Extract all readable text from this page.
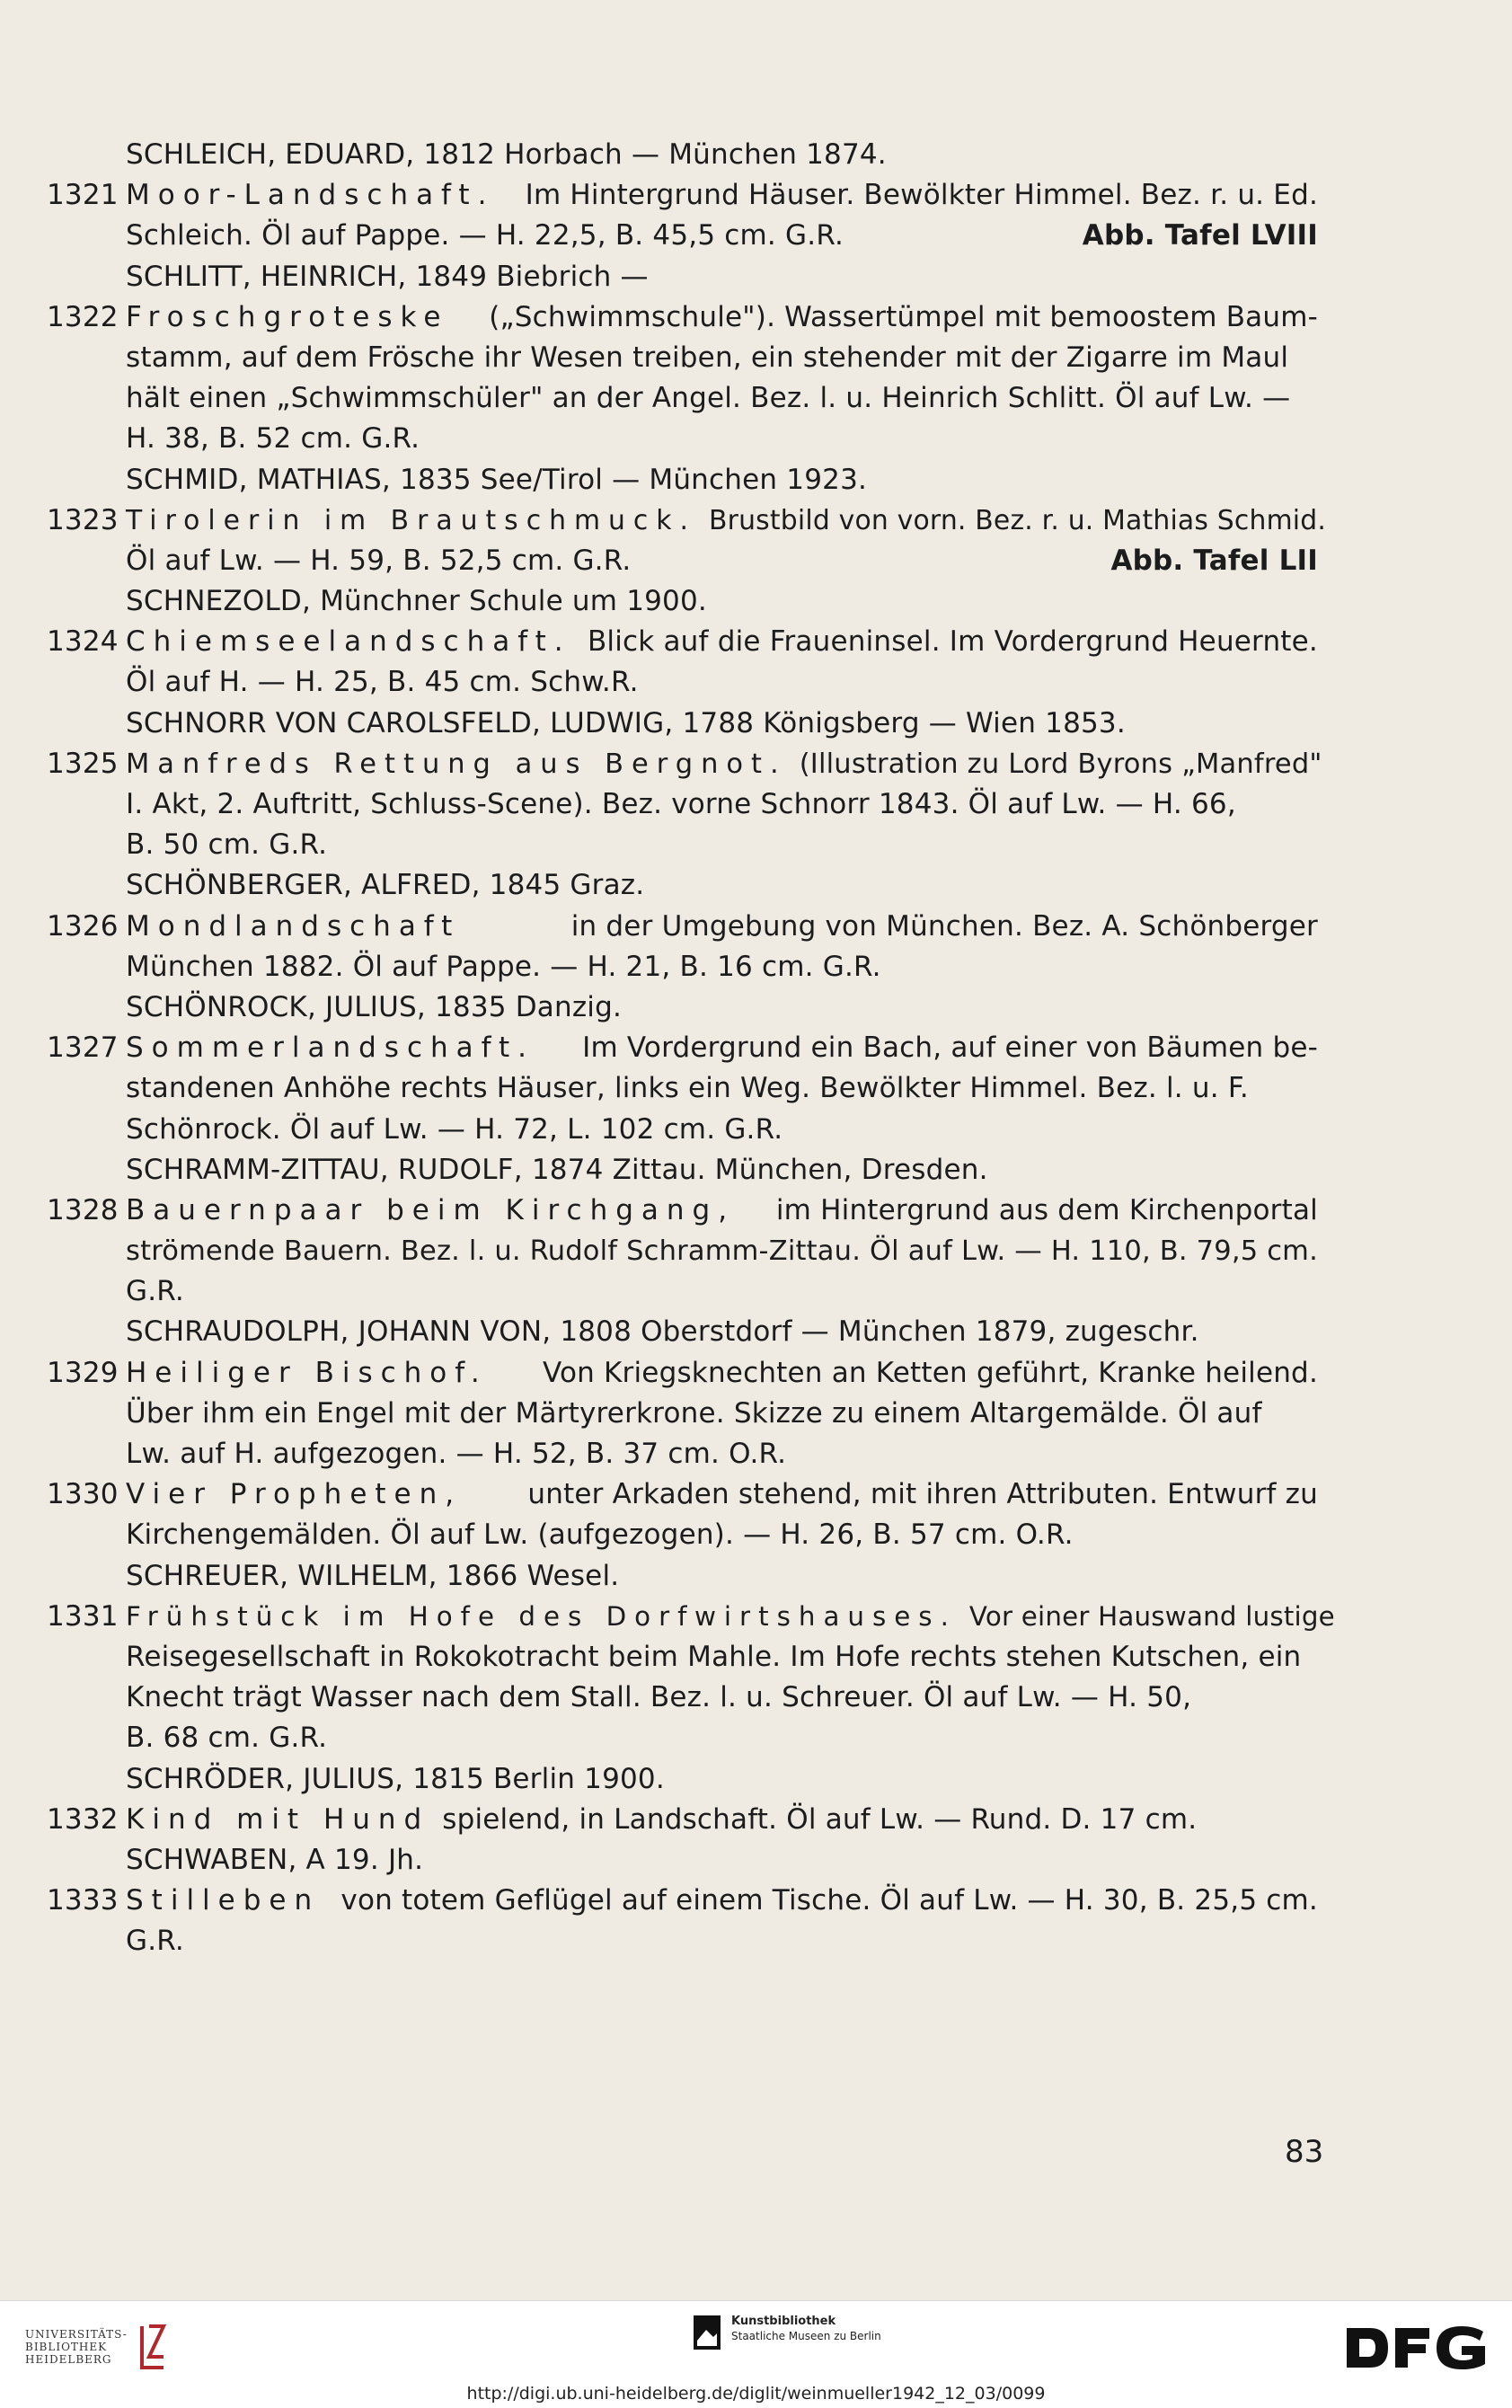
SCHLEICH, EDUARD, 1812 Horbach — München 1874.
1321 Moor-Landschaft. Im Hintergrund Häuser. Bewölkter Himmel. Bez. r. u. Ed.
Schleich. Öl auf Pappe. — H. 22,5, B. 45,5 cm. G.R.	Abb. Tafel LVIII
SCHLITT, HEINRICH, 1849 Biebrich —
1322 Froschgroteske („Schwimmschule"). Wassertümpel mit bemoostem Baum-
stamm, auf dem Frösche ihr Wesen treiben, ein stehender mit der Zigarre im Maul
hält einen „Schwimmschüler" an der Angel. Bez. l. u. Heinrich Schlitt. Öl auf Lw. —
H. 38, B. 52 cm. G.R.
SCHMID, MATHIAS, 1835 See/Tirol — München 1923.
1323 Tirolerin im Brautschmuck. Brustbild von vorn. Bez. r. u. Mathias Schmid.
Öl auf Lw. — H. 59, B. 52,5 cm. G.R.	Abb. Tafel LII
SCHNEZOLD, Münchner Schule um 1900.
1324 Chiemseelandschaft. Blick auf die Fraueninsel. Im Vordergrund Heuernte.
Öl auf H. — H. 25, B. 45 cm. Schw.R.
SCHNORR VON CAROLSFELD, LUDWIG, 1788 Königsberg — Wien 1853.
1325 Manfreds Rettung aus Bergnot. (Illustration zu Lord Byrons „Manfred"
I. Akt, 2. Auftritt, Schluss-Scene). Bez. vorne Schnorr 1843. Öl auf Lw. — H. 66,
B. 50 cm. G.R.
SCHÖNBERGER, ALFRED, 1845 Graz.
1326 Mondlandschaft	in der Umgebung von München. Bez. A. Schönberger
München 1882. Öl auf Pappe. — H. 21, B. 16 cm. G.R.
SCHÖNROCK, JULIUS, 1835 Danzig.
1327 Sommerlandschaft. Im Vordergrund ein Bach, auf einer von Bäumen be-
standenen Anhöhe rechts Häuser, links ein Weg. Bewölkter Himmel. Bez. l. u. F.
Schönrock. Öl auf Lw. — H. 72, L. 102 cm. G.R.
SCHRAMM-ZITTAU, RUDOLF, 1874 Zittau. München, Dresden.
1328 Bauernpaar beim Kirchgang, im Hintergrund aus dem Kirchenportal
strömende Bauern. Bez. l. u. Rudolf Schramm-Zittau. Öl auf Lw. — H. 110, B. 79,5 cm.
G.R.
SCHRAUDOLPH, JOHANN VON, 1808 Oberstdorf — München 1879, zugeschr.
1329 Heiliger Bischof. Von Kriegsknechten an Ketten geführt, Kranke heilend.
Über ihm ein Engel mit der Märtyrerkrone. Skizze zu einem Altargemälde. Öl auf
Lw. auf H. aufgezogen. — H. 52, B. 37 cm. O.R.
1330 Vier Propheten, unter Arkaden stehend, mit ihren Attributen. Entwurf zu
Kirchengemälden. Öl auf Lw. (aufgezogen). — H. 26, B. 57 cm. O.R.
SCHREUER, WILHELM, 1866 Wesel.
1331 Frühstück im Hofe des Dorfwirtshauses. Vor einer Hauswand lustige
Reisegesellschaft in Rokokotracht beim Mahle. Im Hofe rechts stehen Kutschen, ein
Knecht trägt Wasser nach dem Stall. Bez. l. u. Schreuer. Öl auf Lw. — H. 50,
B. 68 cm. G.R.
SCHRÖDER, JULIUS, 1815 Berlin 1900.
1332 Kind mit Hund spielend, in Landschaft. Öl auf Lw. — Rund. D. 17 cm.
SCHWABEN, A 19. Jh.
1333 Stilleben von totem Geflügel auf einem Tische. Öl auf Lw. — H. 30, B. 25,5 cm.
G.R.
83
UNIVERSITÄTS-
BIBLIOTHEK
HEIDELBERG
Kunstbibliothek
Staatliche Museen zu Berlin
http://digi.ub.uni-heidelberg.de/diglit/weinmueller1942_12_03/0099
